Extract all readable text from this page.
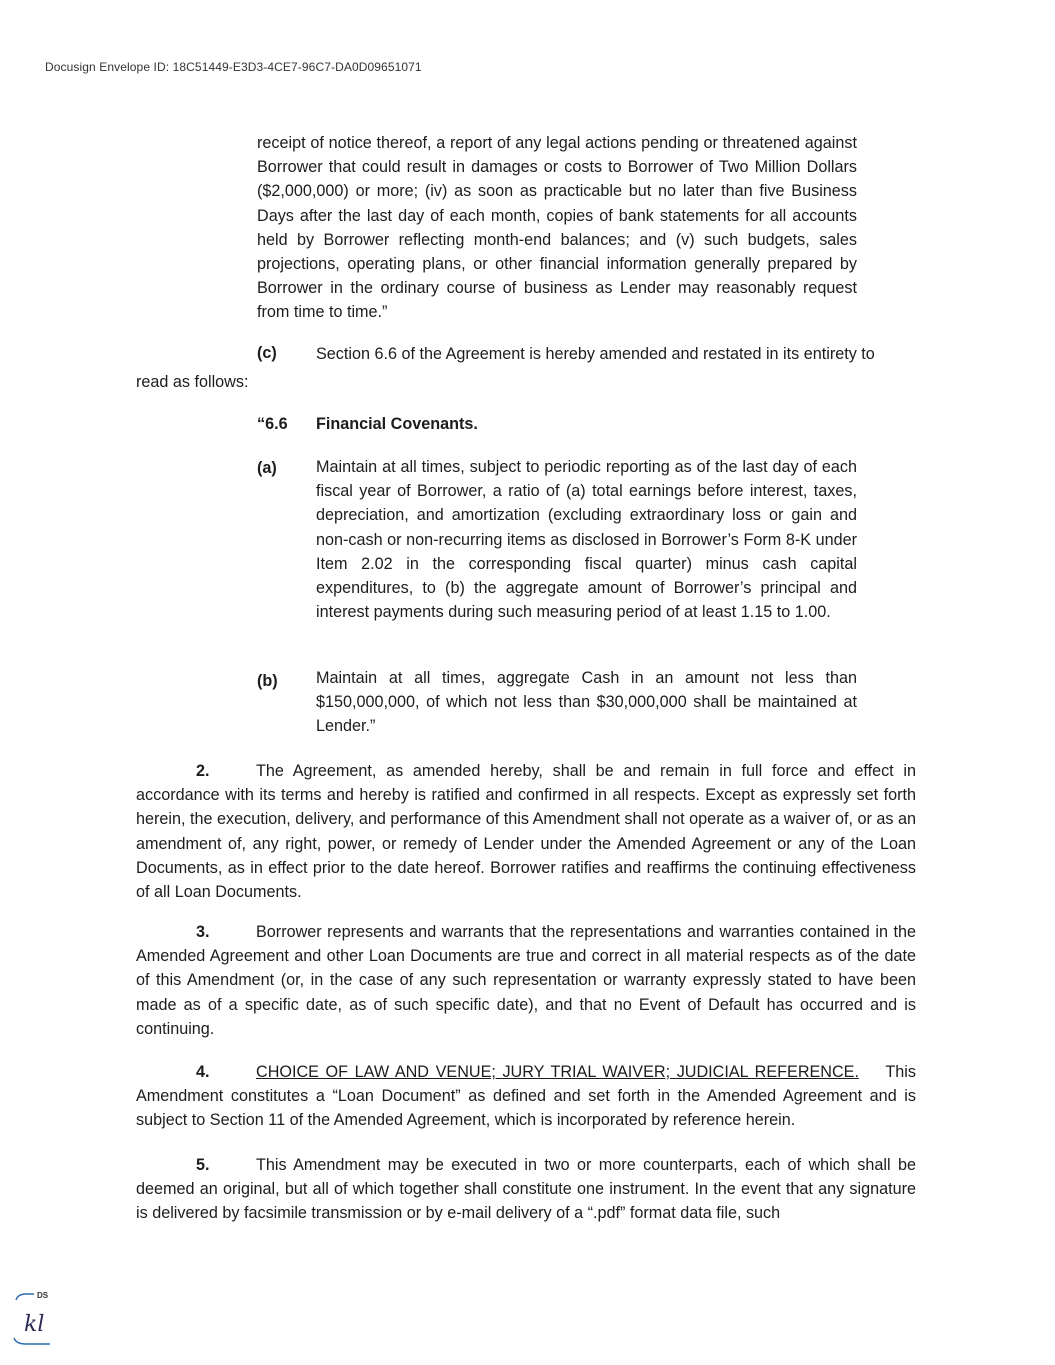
Docusign Envelope ID: 18C51449-E3D3-4CE7-96C7-DA0D09651071

receipt of notice thereof, a report of any legal actions pending or threatened against Borrower that could result in damages or costs to Borrower of Two Million Dollars ($2,000,000) or more; (iv) as soon as practicable but no later than five Business Days after the last day of each month, copies of bank statements for all accounts held by Borrower reflecting month-end balances; and (v) such budgets, sales projections, operating plans, or other financial information generally prepared by Borrower in the ordinary course of business as Lender may reasonably request from time to time.”

(c) Section 6.6 of the Agreement is hereby amended and restated in its entirety to
read as follows:
“6.6 Financial Covenants.
(a) Maintain at all times, subject to periodic reporting as of the last day of each fiscal year of Borrower, a ratio of (a) total earnings before interest, taxes, depreciation, and amortization (excluding extraordinary loss or gain and non-cash or non-recurring items as disclosed in Borrower’s Form 8-K under Item 2.02 in the corresponding fiscal quarter) minus cash capital expenditures, to (b) the aggregate amount of Borrower’s principal and interest payments during such measuring period of at least 1.15 to 1.00.

(b) Maintain at all times, aggregate Cash in an amount not less than $150,000,000, of which not less than $30,000,000 shall be maintained at Lender.”

2.	The Agreement, as amended hereby, shall be and remain in full force and effect in accordance with its terms and hereby is ratified and confirmed in all respects. Except as expressly set forth herein, the execution, delivery, and performance of this Amendment shall not operate as a waiver of, or as an amendment of, any right, power, or remedy of Lender under the Amended Agreement or any of the Loan Documents, as in effect prior to the date hereof. Borrower ratifies and reaffirms the continuing effectiveness of all Loan Documents.

3.	Borrower represents and warrants that the representations and warranties contained in the Amended Agreement and other Loan Documents are true and correct in all material respects as of the date of this Amendment (or, in the case of any such representation or warranty expressly stated to have been made as of a specific date, as of such specific date), and that no Event of Default has occurred and is continuing.

4.	CHOICE OF LAW AND VENUE; JURY TRIAL WAIVER; JUDICIAL REFERENCE. This Amendment constitutes a “Loan Document” as defined and set forth in the Amended Agreement and is subject to Section 11 of the Amended Agreement, which is incorporated by reference herein.

5.	This Amendment may be executed in two or more counterparts, each of which shall be deemed an original, but all of which together shall constitute one instrument. In the event that any signature is delivered by facsimile transmission or by e-mail delivery of a “.pdf” format data file, such

DS
kl
